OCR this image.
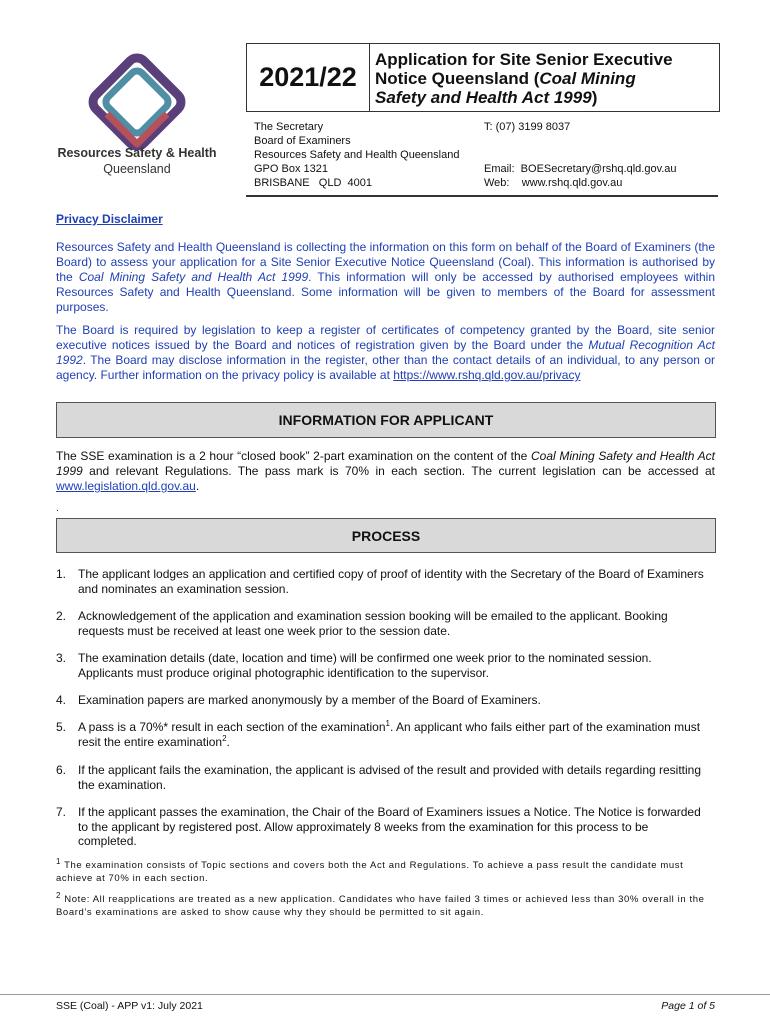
Resources Safety & Health
Queensland
2021/22
Application for Site Senior Executive
Notice Queensland (Coal Mining
Safety and Health Act 1999)
The Secretary
Board of Examiners
Resources Safety and Health Queensland
GPO Box 1321
BRISBANE   QLD  4001
T: (07) 3199 8037
Email:  BOESecretary@rshq.qld.gov.au
Web:    www.rshq.qld.gov.au
Privacy Disclaimer
Resources Safety and Health Queensland is collecting the information on this form on behalf of the Board of Examiners (the Board) to assess your application for a Site Senior Executive Notice Queensland (Coal). This information is authorised by the Coal Mining Safety and Health Act 1999. This information will only be accessed by authorised employees within Resources Safety and Health Queensland. Some information will be given to members of the Board for assessment purposes.
The Board is required by legislation to keep a register of certificates of competency granted by the Board, site senior executive notices issued by the Board and notices of registration given by the Board under the Mutual Recognition Act 1992. The Board may disclose information in the register, other than the contact details of an individual, to any person or agency. Further information on the privacy policy is available at https://www.rshq.qld.gov.au/privacy
INFORMATION FOR APPLICANT
The SSE examination is a 2 hour “closed book” 2-part examination on the content of the Coal Mining Safety and Health Act 1999 and relevant Regulations. The pass mark is 70% in each section. The current legislation can be accessed at www.legislation.qld.gov.au.
.
PROCESS
1. The applicant lodges an application and certified copy of proof of identity with the Secretary of the Board of Examiners and nominates an examination session.
2. Acknowledgement of the application and examination session booking will be emailed to the applicant. Booking requests must be received at least one week prior to the session date.
3. The examination details (date, location and time) will be confirmed one week prior to the nominated session. Applicants must produce original photographic identification to the supervisor.
4. Examination papers are marked anonymously by a member of the Board of Examiners.
5. A pass is a 70%* result in each section of the examination$^1$. An applicant who fails either part of the examination must resit the entire examination$^2$.
6. If the applicant fails the examination, the applicant is advised of the result and provided with details regarding resitting the examination.
7. If the applicant passes the examination, the Chair of the Board of Examiners issues a Notice. The Notice is forwarded to the applicant by registered post. Allow approximately 8 weeks from the examination for this process to be completed.
$^1$ The examination consists of Topic sections and covers both the Act and Regulations. To achieve a pass result the candidate must achieve at 70% in each section.
$^2$ Note: All reapplications are treated as a new application. Candidates who have failed 3 times or achieved less than 30% overall in the Board’s examinations are asked to show cause why they should be permitted to sit again.
SSE (Coal) - APP v1: July 2021	Page 1 of 5
